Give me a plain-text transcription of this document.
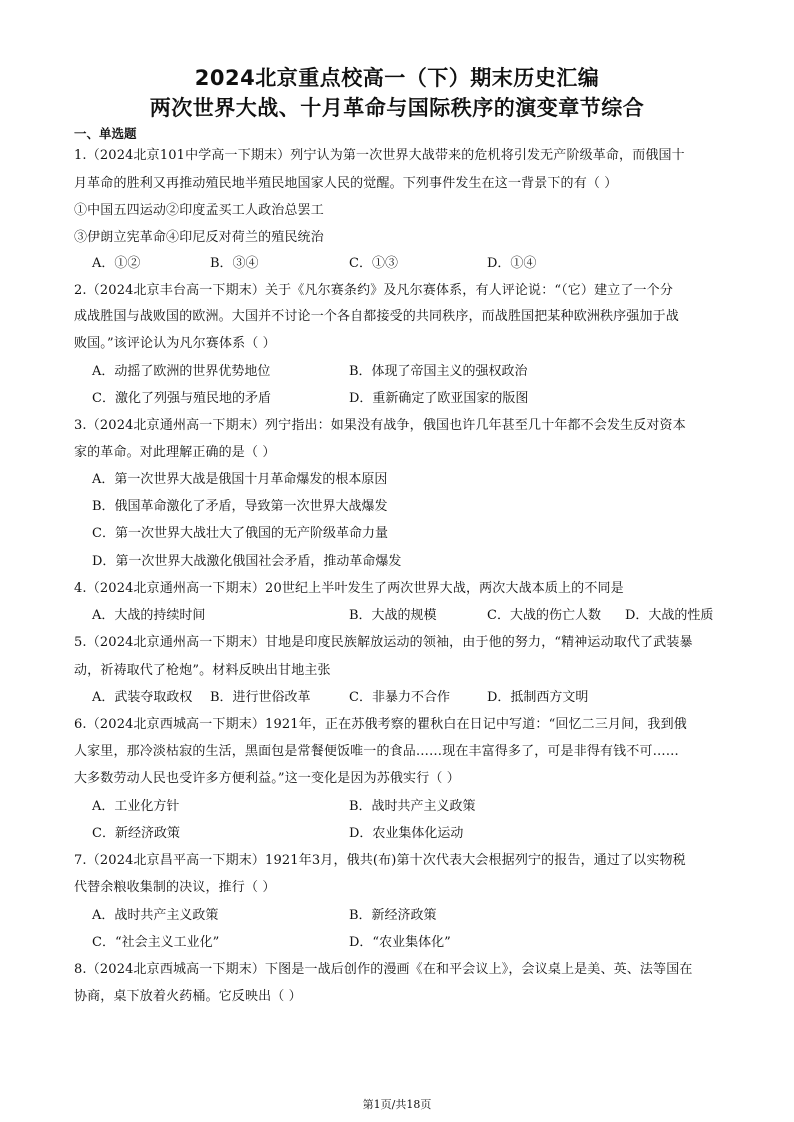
2024北京重点校高一（下）期末历史汇编
两次世界大战、十月革命与国际秩序的演变章节综合
一、单选题
1.（2024北京101中学高一下期末）列宁认为第一次世界大战带来的危机将引发无产阶级革命，而俄国十
月革命的胜利又再推动殖民地半殖民地国家人民的觉醒。下列事件发生在这一背景下的有（ ）
①中国五四运动②印度孟买工人政治总罢工
③伊朗立宪革命④印尼反对荷兰的殖民统治
A．①②	B．③④	C．①③	D．①④
2.（2024北京丰台高一下期末）关于《凡尔赛条约》及凡尔赛体系，有人评论说：“（它）建立了一个分
成战胜国与战败国的欧洲。大国并不讨论一个各自都接受的共同秩序，而战胜国把某种欧洲秩序强加于战
败国。”该评论认为凡尔赛体系（ ）
A．动摇了欧洲的世界优势地位	B．体现了帝国主义的强权政治
C．激化了列强与殖民地的矛盾	D．重新确定了欧亚国家的版图
3.（2024北京通州高一下期末）列宁指出：如果没有战争，俄国也许几年甚至几十年都不会发生反对资本
家的革命。对此理解正确的是（ ）
A．第一次世界大战是俄国十月革命爆发的根本原因
B．俄国革命激化了矛盾，导致第一次世界大战爆发
C．第一次世界大战壮大了俄国的无产阶级革命力量
D．第一次世界大战激化俄国社会矛盾，推动革命爆发
4.（2024北京通州高一下期末）20世纪上半叶发生了两次世界大战，两次大战本质上的不同是
A．大战的持续时间	B．大战的规模	C．大战的伤亡人数 D．大战的性质
5.（2024北京通州高一下期末）甘地是印度民族解放运动的领袖，由于他的努力，“精神运动取代了武装暴
动，祈祷取代了枪炮”。材料反映出甘地主张
A．武装夺取政权 B．进行世俗改革	C．非暴力不合作	D．抵制西方文明
6.（2024北京西城高一下期末）1921年，正在苏俄考察的瞿秋白在日记中写道：“回忆二三月间，我到俄
人家里，那冷淡枯寂的生活，黑面包是常餐便饭唯一的食品……现在丰富得多了，可是非得有钱不可……
大多数劳动人民也受许多方便利益。”这一变化是因为苏俄实行（ ）
A．工业化方针	B．战时共产主义政策
C．新经济政策	D．农业集体化运动
7.（2024北京昌平高一下期末）1921年3月，俄共(布)第十次代表大会根据列宁的报告，通过了以实物税
代替余粮收集制的决议，推行（ ）
A．战时共产主义政策	B．新经济政策
C．“社会主义工业化”	D．“农业集体化”
8.（2024北京西城高一下期末）下图是一战后创作的漫画《在和平会议上》，会议桌上是美、英、法等国在
协商，桌下放着火药桶。它反映出（ ）
第1页/共18页
